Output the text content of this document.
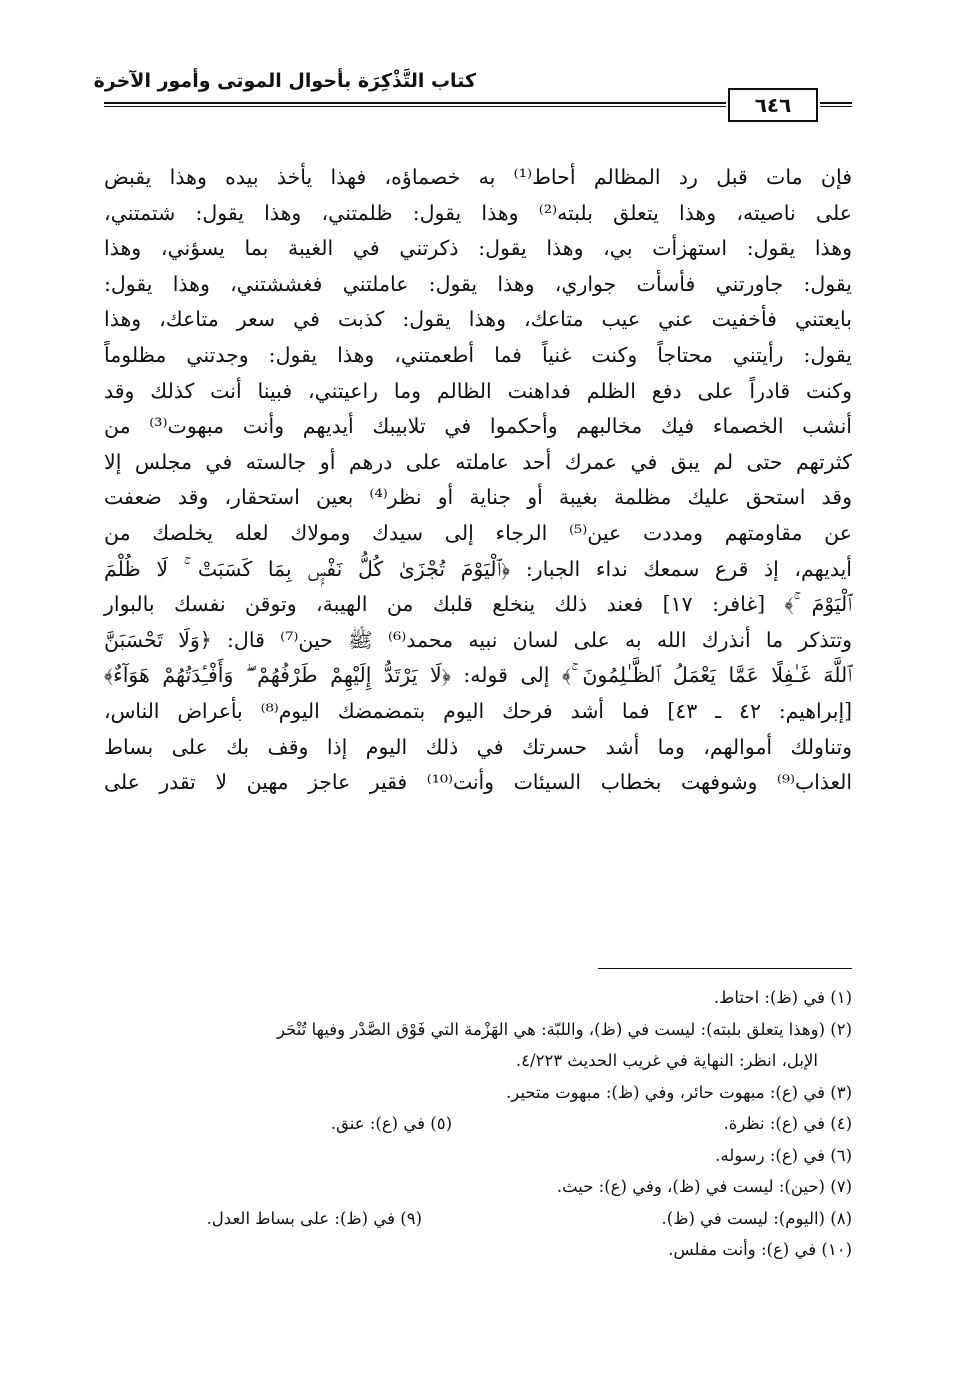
كتاب التَّذْكِرَة بأحوال الموتى وأمور الآخرة
٦٤٦
فإن مات قبل رد المظالم أحاط⁽¹⁾ به خصماؤه، فهذا يأخذ بيده وهذا يقبض
على ناصيته، وهذا يتعلق بلبته⁽²⁾ وهذا يقول: ظلمتني، وهذا يقول: شتمتني،
وهذا يقول: استهزأت بي، وهذا يقول: ذكرتني في الغيبة بما يسؤني، وهذا
يقول: جاورتني فأسأت جواري، وهذا يقول: عاملتني فغششتني، وهذا يقول:
بايعتني فأخفيت عني عيب متاعك، وهذا يقول: كذبت في سعر متاعك، وهذا
يقول: رأيتني محتاجاً وكنت غنياً فما أطعمتني، وهذا يقول: وجدتني مظلوماً
وكنت قادراً على دفع الظلم فداهنت الظالم وما راعيتني، فبينا أنت كذلك وقد
أنشب الخصماء فيك مخالبهم وأحكموا في تلابيبك أيديهم وأنت مبهوت⁽³⁾ من
كثرتهم حتى لم يبق في عمرك أحد عاملته على درهم أو جالسته في مجلس إلا
وقد استحق عليك مظلمة بغيبة أو جناية أو نظر⁽⁴⁾ بعين استحقار، وقد ضعفت
عن مقاومتهم ومددت عين⁽⁵⁾ الرجاء إلى سيدك ومولاك لعله يخلصك من
أيديهم، إذ قرع سمعك نداء الجبار: ﴿ٱلْيَوْمَ تُجْزَىٰ كُلُّ نَفْسٍۭ بِمَا كَسَبَتْ ۚ لَا ظُلْمَ
ٱلْيَوْمَ ۚ﴾ [غافر: ١٧] فعند ذلك ينخلع قلبك من الهيبة، وتوقن نفسك بالبوار
وتتذكر ما أنذرك الله به على لسان نبيه محمد⁽⁶⁾ ﷺ حين⁽⁷⁾ قال: ﴿وَلَا تَحْسَبَنَّ
ٱللَّهَ غَـٰفِلًا عَمَّا يَعْمَلُ ٱلظَّـٰلِمُونَ ۚ﴾ إلى قوله: ﴿لَا يَرْتَدُّ إِلَيْهِمْ طَرْفُهُمْ ۖ وَأَفْـِٔدَتُهُمْ هَوَآءٌ﴾
[إبراهيم: ٤٢ ـ ٤٣] فما أشد فرحك اليوم بتمضمضك اليوم⁽⁸⁾ بأعراض الناس،
وتناولك أموالهم، وما أشد حسرتك في ذلك اليوم إذا وقف بك على بساط
العذاب⁽⁹⁾ وشوفهت بخطاب السيئات وأنت⁽¹⁰⁾ فقير عاجز مهين لا تقدر على
(١) في (ظ): احتاط.
(٢) (وهذا يتعلق بلبته): ليست في (ظ)، واللبّة: هي الهَزْمة التي فَوْق الصَّدْر وفيها تُنْحَر
الإبل، انظر: النهاية في غريب الحديث ٤/٢٢٣.
(٣) في (ع): مبهوت حائر، وفي (ظ): مبهوت متحير.
(٤) في (ع): نظرة.
(٥) في (ع): عنق.
(٦) في (ع): رسوله.
(٧) (حين): ليست في (ظ)، وفي (ع): حيث.
(٨) (اليوم): ليست في (ظ).
(٩) في (ظ): على بساط العدل.
(١٠) في (ع): وأنت مفلس.
